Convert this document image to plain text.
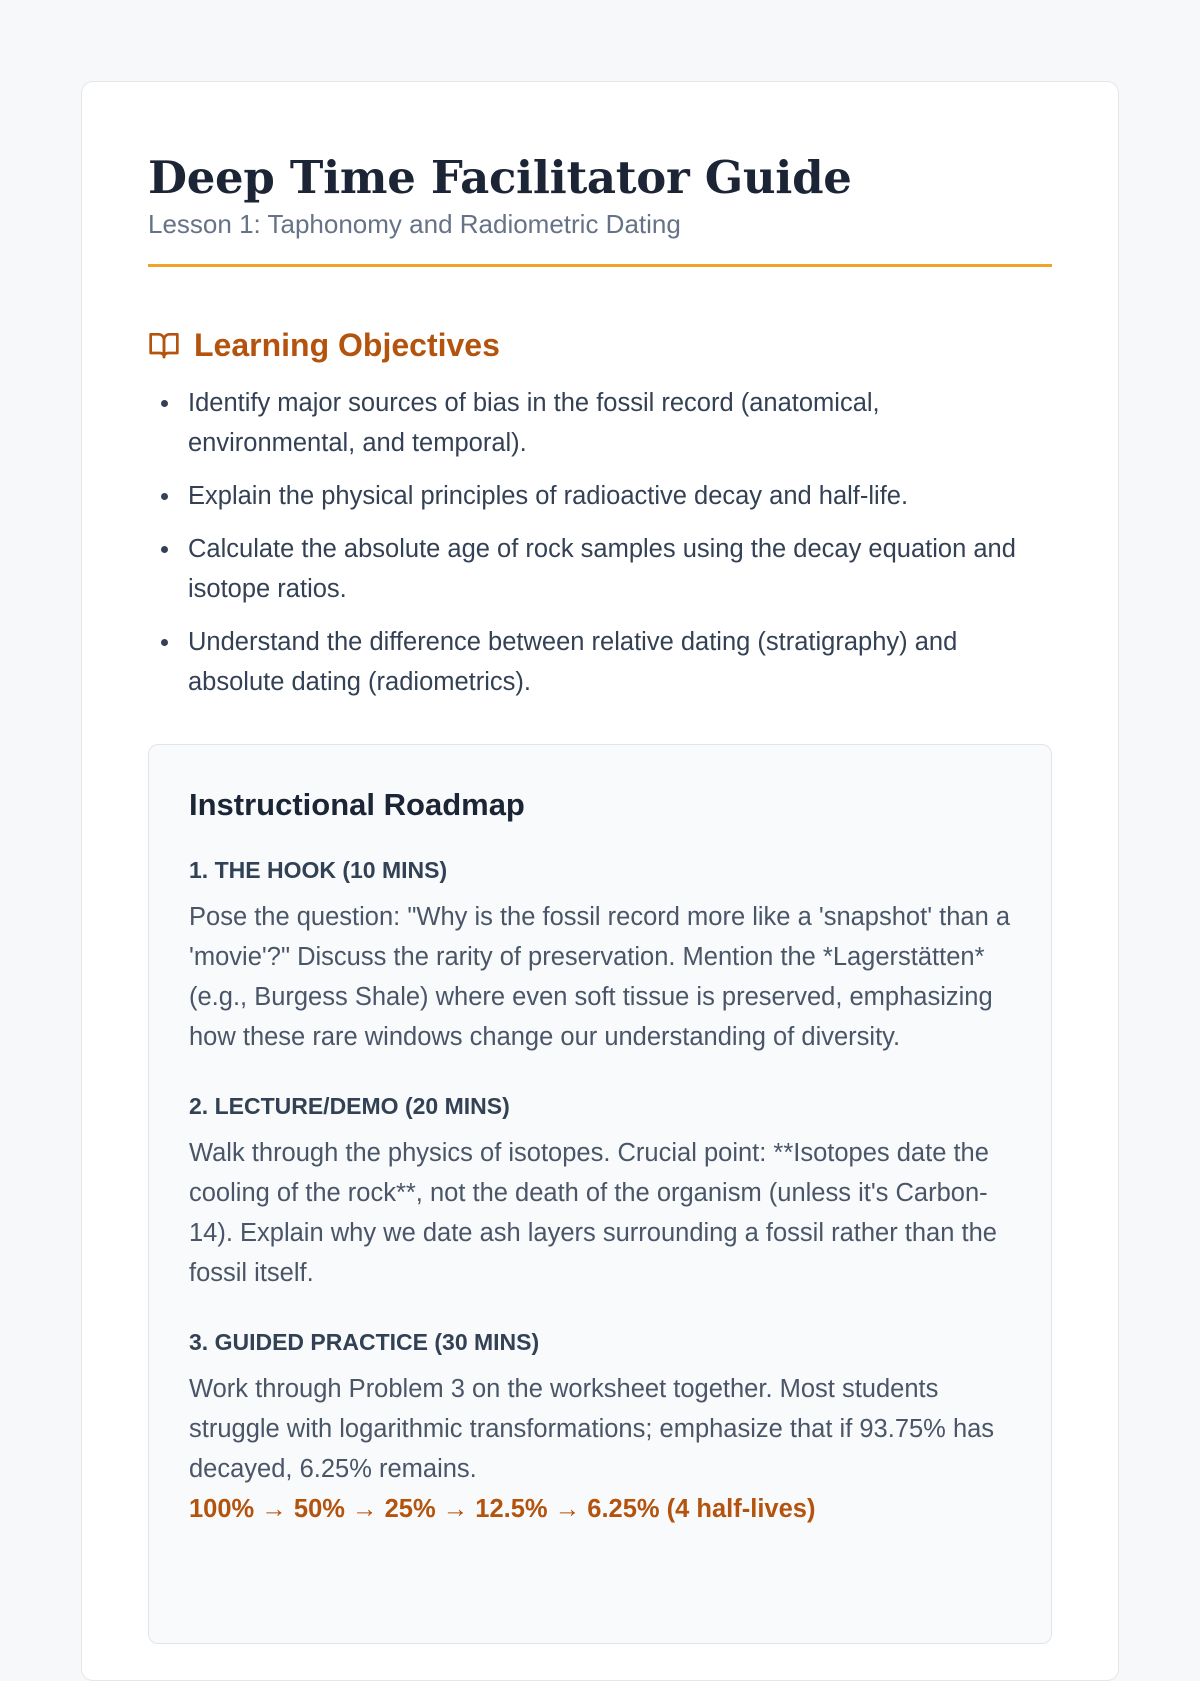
Deep Time Facilitator Guide
Lesson 1: Taphonomy and Radiometric Dating
Learning Objectives
Identify major sources of bias in the fossil record (anatomical, environmental, and temporal).
Explain the physical principles of radioactive decay and half-life.
Calculate the absolute age of rock samples using the decay equation and isotope ratios.
Understand the difference between relative dating (stratigraphy) and absolute dating (radiometrics).
Instructional Roadmap
1. THE HOOK (10 MINS)
Pose the question: "Why is the fossil record more like a 'snapshot' than a 'movie'?" Discuss the rarity of preservation. Mention the *Lagerstätten* (e.g., Burgess Shale) where even soft tissue is preserved, emphasizing how these rare windows change our understanding of diversity.
2. LECTURE/DEMO (20 MINS)
Walk through the physics of isotopes. Crucial point: **Isotopes date the cooling of the rock**, not the death of the organism (unless it's Carbon-14). Explain why we date ash layers surrounding a fossil rather than the fossil itself.
3. GUIDED PRACTICE (30 MINS)
Work through Problem 3 on the worksheet together. Most students struggle with logarithmic transformations; emphasize that if 93.75% has decayed, 6.25% remains.
100% → 50% → 25% → 12.5% → 6.25% (4 half-lives)
